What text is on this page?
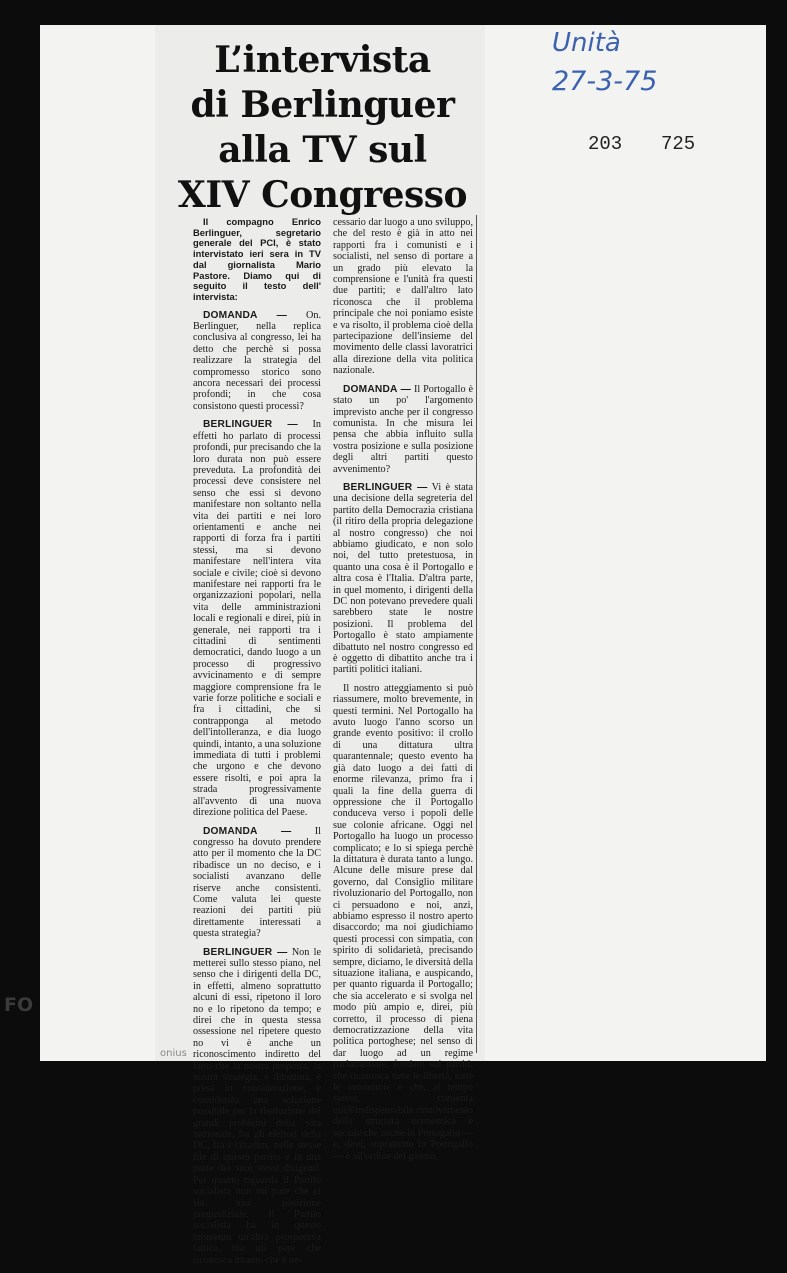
L’intervista
di Berlinguer
alla TV sul
XIV Congresso
Unità
27-3-75
203 725

Il compagno Enrico Berlinguer, segretario generale del PCI, è stato intervistato ieri sera in TV dal giornalista Mario Pastore. Diamo qui di seguito il testo dell' intervista:

DOMANDA — On. Berlinguer, nella replica conclusiva al congresso, lei ha detto che perchè si possa realizzare la strategia del compromesso storico sono ancora necessari dei processi profondi; in che cosa consistono questi processi?

BERLINGUER — In effetti ho parlato di processi profondi, pur precisando che la loro durata non può essere preveduta. La profondità dei processi deve consistere nel senso che essi si devono manifestare non soltanto nella vita dei partiti e nei loro orientamenti e anche nei rapporti di forza fra i partiti stessi, ma si devono manifestare nell'intera vita sociale e civile; cioè si devono manifestare nei rapporti fra le organizzazioni popolari, nella vita delle amministrazioni locali e regionali e direi, più in generale, nei rapporti tra i cittadini di sentimenti democratici, dando luogo a un processo di progressivo avvicinamento e di sempre maggiore comprensione fra le varie forze politiche e sociali e fra i cittadini, che si contrapponga al metodo dell'intolleranza, e dia luogo quindi, intanto, a una soluzione immediata di tutti i problemi che urgono e che devono essere risolti, e poi apra la strada progressivamente all'avvento di una nuova direzione politica del Paese.

DOMANDA — Il congresso ha dovuto prendere atto per il momento che la DC ribadisce un no deciso, e i socialisti avanzano delle riserve anche consistenti. Come valuta lei queste reazioni dei partiti più direttamente interessati a questa strategia?

BERLINGUER — Non le metterei sullo stesso piano, nel senso che i dirigenti della DC, in effetti, almeno soprattutto alcuni di essi, ripetono il loro no e lo ripetono da tempo; e direi che in questa stessa ossessione nel ripetere questo no vi è anche un riconoscimento indiretto del fatto che la nostra proposta, la nostra strategia, è dibattuta, è presa in considerazione, è considerata una soluzione possibile per la risoluzione dei grandi problemi della vita nazionale, fra gli elettori della DC, fra i cittadini, nelle stesse file di questo partito e in una parte dei suoi stessi dirigenti. Per quanto riguarda il Partito socialista non mi pare che ci sia una posizione pregiudiziale. Il Partito socialista ha in questo momento un'altra prospettiva tattica, ma mi pare che riconosca intanto che è ne-

cessario dar luogo a uno sviluppo, che del resto è già in atto nei rapporti fra i comunisti e i socialisti, nel senso di portare a un grado più elevato la comprensione e l'unità fra questi due partiti; e dall'altro lato riconosca che il problema principale che noi poniamo esiste e va risolto, il problema cioè della partecipazione dell'insieme del movimento delle classi lavoratrici alla direzione della vita politica nazionale.

DOMANDA — Il Portogallo è stato un po' l'argomento imprevisto anche per il congresso comunista. In che misura lei pensa che abbia influito sulla vostra posizione e sulla posizione degli altri partiti questo avvenimento?

BERLINGUER — Vi è stata una decisione della segreteria del partito della Democrazia cristiana (il ritiro della propria delegazione al nostro congresso) che noi abbiamo giudicato, e non solo noi, del tutto pretestuosa, in quanto una cosa è il Portogallo e altra cosa è l'Italia. D'altra parte, in quel momento, i dirigenti della DC non potevano prevedere quali sarebbero state le nostre posizioni. Il problema del Portogallo è stato ampiamente dibattuto nel nostro congresso ed è oggetto di dibattito anche tra i partiti politici italiani.

Il nostro atteggiamento si può riassumere, molto brevemente, in questi termini. Nel Portogallo ha avuto luogo l'anno scorso un grande evento positivo: il crollo di una dittatura ultra quarantennale; questo evento ha già dato luogo a dei fatti di enorme rilevanza, primo fra i quali la fine della guerra di oppressione che il Portogallo conduceva verso i popoli delle sue colonie africane. Oggi nel Portogallo ha luogo un processo complicato; e lo si spiega perchè la dittatura è durata tanto a lungo. Alcune delle misure prese dal governo, dal Consiglio militare rivoluzionario del Portogallo, non ci persuadono e noi, anzi, abbiamo espresso il nostro aperto disaccordo; ma noi giudichiamo questi processi con simpatia, con spirito di solidarietà, precisando sempre, diciamo, le diversità della situazione italiana, e auspicando, per quanto riguarda il Portogallo; che sia accelerato e si svolga nel modo più ampio e, direi, più corretto, il processo di piena democratizzazione della vita politica portoghese; nel senso di dar luogo ad un regime parlamentare, fondato sui partiti, che riconosca tutte le libertà, tutte le autonomie e che, al tempo stesso, consenta quell'indispensabile rinnovamento della struttura economica e sociale che anche in Portogallo — e, direi, soprattutto in Portogallo — è all'ordine del giorno.

FO
onius
